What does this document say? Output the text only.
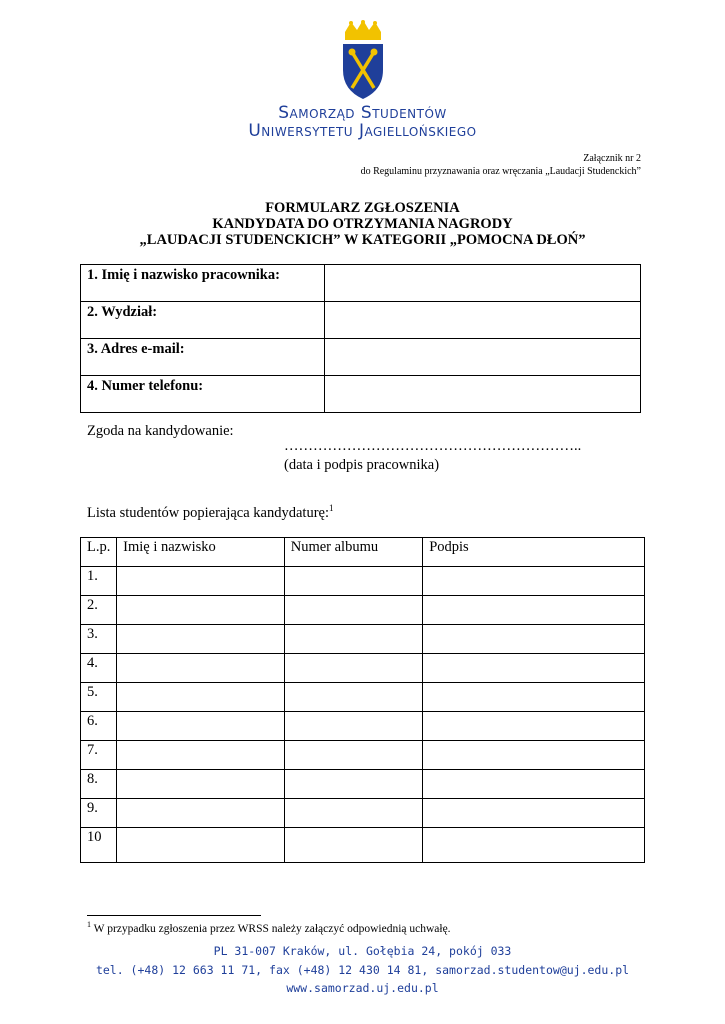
Samorząd Studentów
Uniwersytetu Jagiellońskiego
Załącznik nr 2
do Regulaminu przyznawania oraz wręczania „Laudacji Studenckich”
FORMULARZ ZGŁOSZENIA
KANDYDATA DO OTRZYMANIA NAGRODY
„LAUDACJI STUDENCKICH” W KATEGORII „POMOCNA DŁOŃ”
1. Imię i nazwisko pracownika:	
2. Wydział:	
3. Adres e-mail:	
4. Numer telefonu:	
Zgoda na kandydowanie:
……………………………………………………..
(data i podpis pracownika)
Lista studentów popierająca kandydaturę:$^1$
L.p.	Imię i nazwisko	Numer albumu	Podpis
1.			
2.			
3.			
4.			
5.			
6.			
7.			
8.			
9.			
10			
$^1$ W przypadku zgłoszenia przez WRSS należy załączyć odpowiednią uchwałę.
PL 31-007 Kraków, ul. Gołębia 24, pokój 033
tel. (+48) 12 663 11 71, fax (+48) 12 430 14 81, samorzad.studentow@uj.edu.pl
www.samorzad.uj.edu.pl
